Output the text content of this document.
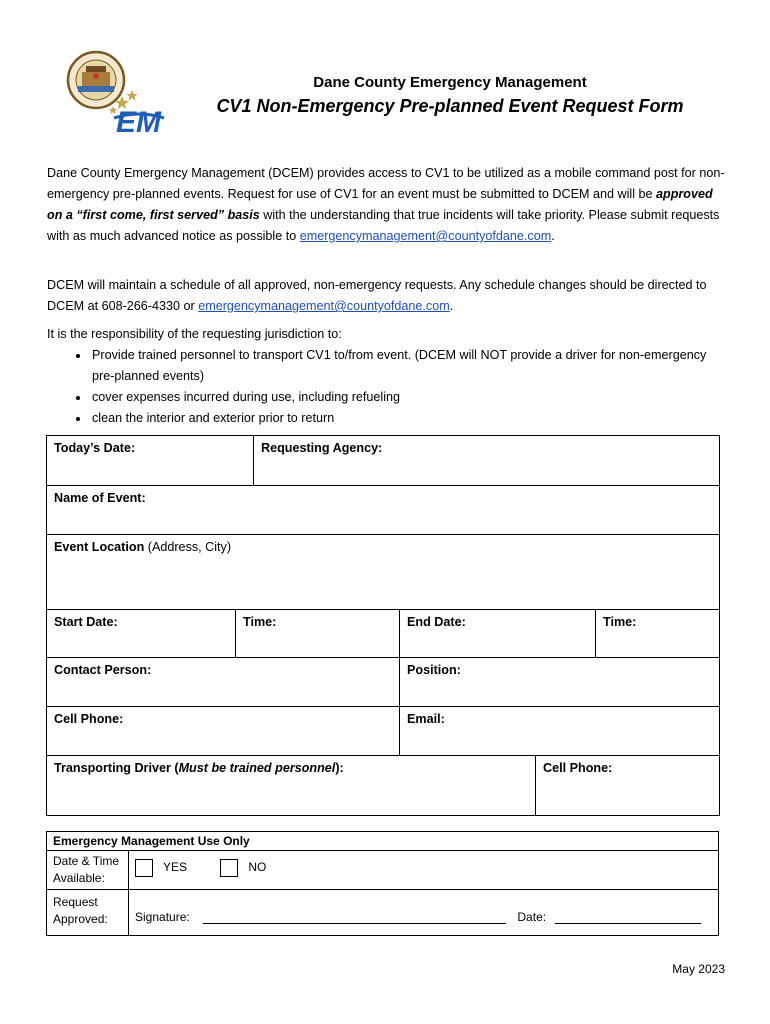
EM
Dane County Emergency Management
CV1 Non-Emergency Pre-planned Event Request Form
Dane County Emergency Management (DCEM) provides access to CV1 to be utilized as a mobile command post for non-emergency pre-planned events. Request for use of CV1 for an event must be submitted to DCEM and will be approved on a “first come, first served” basis with the understanding that true incidents will take priority. Please submit requests with as much advanced notice as possible to emergencymanagement@countyofdane.com.
DCEM will maintain a schedule of all approved, non-emergency requests. Any schedule changes should be directed to DCEM at 608-266-4330 or emergencymanagement@countyofdane.com.
It is the responsibility of the requesting jurisdiction to:
• Provide trained personnel to transport CV1 to/from event. (DCEM will NOT provide a driver for non-emergency pre-planned events)
• cover expenses incurred during use, including refueling
• clean the interior and exterior prior to return
Today’s Date:		Requesting Agency:			
Name of Event:					
Event Location (Address, City)					
Start Date:	Time:		End Date:		Time:
Contact Person:			Position:		
Cell Phone:			Email:		
Transporting Driver (Must be trained personnel):				Cell Phone:	
Emergency Management Use Only	
Date & Time Available:	YES NO
Request Approved:	Signature: Date:
May 2023
